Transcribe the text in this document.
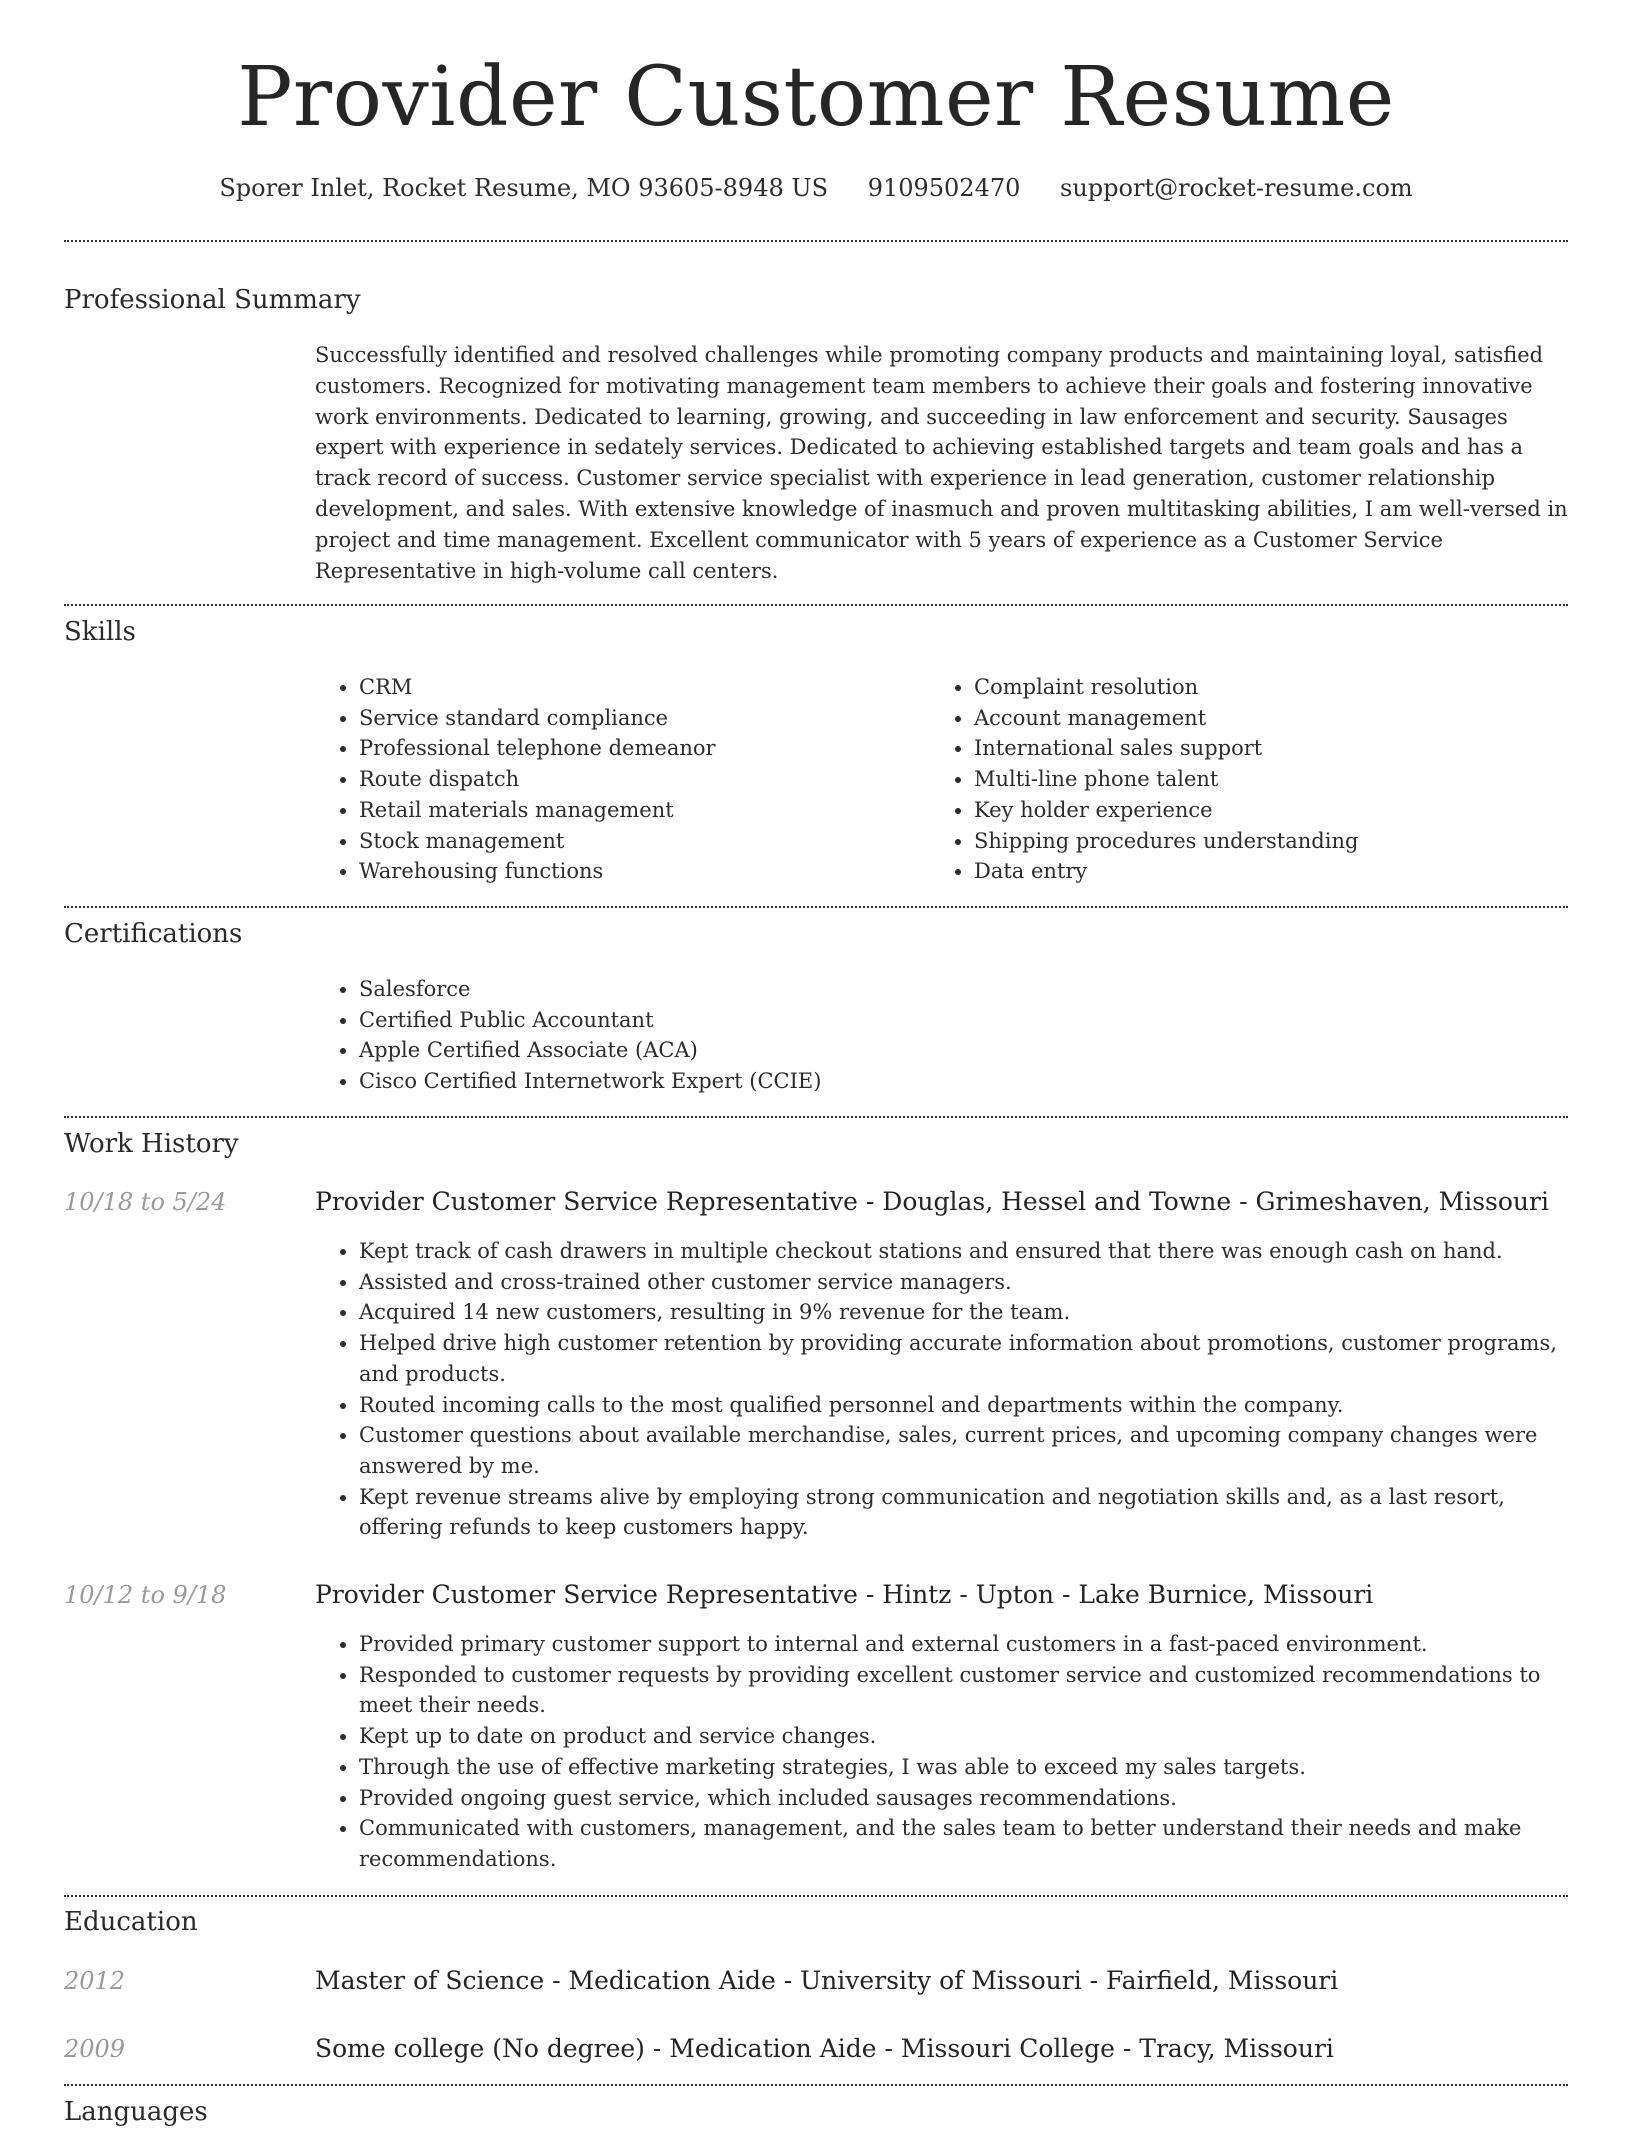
Provider Customer Resume
Sporer Inlet, Rocket Resume, MO 93605-8948 US 9109502470 support@rocket-resume.com
Professional Summary
Successfully identified and resolved challenges while promoting company products and maintaining loyal, satisfied customers. Recognized for motivating management team members to achieve their goals and fostering innovative work environments. Dedicated to learning, growing, and succeeding in law enforcement and security. Sausages expert with experience in sedately services. Dedicated to achieving established targets and team goals and has a track record of success. Customer service specialist with experience in lead generation, customer relationship development, and sales. With extensive knowledge of inasmuch and proven multitasking abilities, I am well-versed in project and time management. Excellent communicator with 5 years of experience as a Customer Service Representative in high-volume call centers.
Skills
• CRM
• Service standard compliance
• Professional telephone demeanor
• Route dispatch
• Retail materials management
• Stock management
• Warehousing functions
• Complaint resolution
• Account management
• International sales support
• Multi-line phone talent
• Key holder experience
• Shipping procedures understanding
• Data entry
Certifications
• Salesforce
• Certified Public Accountant
• Apple Certified Associate (ACA)
• Cisco Certified Internetwork Expert (CCIE)
Work History
10/18 to 5/24	Provider Customer Service Representative - Douglas, Hessel and Towne - Grimeshaven, Missouri
• Kept track of cash drawers in multiple checkout stations and ensured that there was enough cash on hand.
• Assisted and cross-trained other customer service managers.
• Acquired 14 new customers, resulting in 9% revenue for the team.
• Helped drive high customer retention by providing accurate information about promotions, customer programs, and products.
• Routed incoming calls to the most qualified personnel and departments within the company.
• Customer questions about available merchandise, sales, current prices, and upcoming company changes were answered by me.
• Kept revenue streams alive by employing strong communication and negotiation skills and, as a last resort, offering refunds to keep customers happy.
10/12 to 9/18	Provider Customer Service Representative - Hintz - Upton - Lake Burnice, Missouri
• Provided primary customer support to internal and external customers in a fast-paced environment.
• Responded to customer requests by providing excellent customer service and customized recommendations to meet their needs.
• Kept up to date on product and service changes.
• Through the use of effective marketing strategies, I was able to exceed my sales targets.
• Provided ongoing guest service, which included sausages recommendations.
• Communicated with customers, management, and the sales team to better understand their needs and make recommendations.
Education
2012	Master of Science - Medication Aide - University of Missouri - Fairfield, Missouri
2009	Some college (No degree) - Medication Aide - Missouri College - Tracy, Missouri
Languages
